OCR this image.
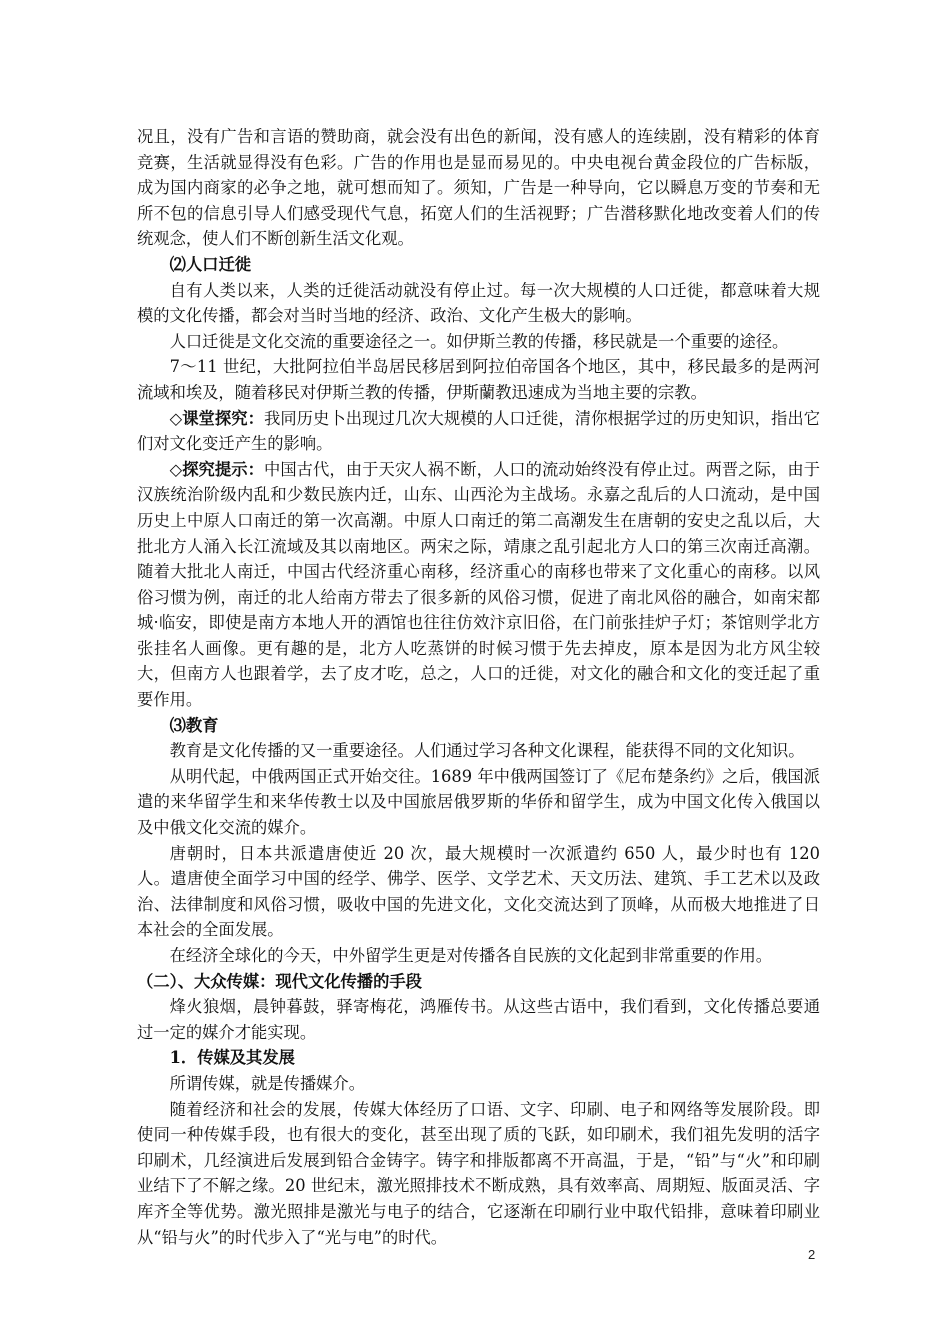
况且，没有广告和言语的赞助商，就会没有出色的新闻，没有感人的连续剧，没有精彩的体育竞赛，生活就显得没有色彩。广告的作用也是显而易见的。中央电视台黄金段位的广告标版，成为国内商家的必争之地，就可想而知了。须知，广告是一种导向，它以瞬息万变的节奏和无所不包的信息引导人们感受现代气息，拓宽人们的生活视野；广告潜移默化地改变着人们的传统观念，使人们不断创新生活文化观。

⑵人口迁徙

自有人类以来，人类的迁徙活动就没有停止过。每一次大规模的人口迁徙，都意味着大规模的文化传播，都会对当时当地的经济、政治、文化产生极大的影响。

人口迁徙是文化交流的重要途径之一。如伊斯兰教的传播，移民就是一个重要的途径。

7～11 世纪，大批阿拉伯半岛居民移居到阿拉伯帝国各个地区，其中，移民最多的是两河流域和埃及，随着移民对伊斯兰教的传播，伊斯蘭教迅速成为当地主要的宗教。

◇课堂探究：我同历史卜出现过几次大规模的人口迁徙，清你根据学过的历史知识，指出它们对文化变迁产生的影响。

◇探究提示：中国古代，由于天灾人祸不断，人口的流动始终没有停止过。两晋之际，由于汉族统治阶级内乱和少数民族内迁，山东、山西沦为主战场。永嘉之乱后的人口流动，是中国历史上中原人口南迁的第一次高潮。中原人口南迁的第二高潮发生在唐朝的安史之乱以后，大批北方人涌入长江流域及其以南地区。两宋之际，靖康之乱引起北方人口的第三次南迁高潮。随着大批北人南迁，中国古代经济重心南移，经济重心的南移也带来了文化重心的南移。以风俗习惯为例，南迁的北人给南方带去了很多新的风俗习惯，促进了南北风俗的融合，如南宋都城·临安，即使是南方本地人开的酒馆也往往仿效汴京旧俗，在门前张挂炉子灯；茶馆则学北方张挂名人画像。更有趣的是，北方人吃蒸饼的时候习惯于先去掉皮，原本是因为北方风尘较大，但南方人也跟着学，去了皮才吃，总之，人口的迁徙，对文化的融合和文化的变迁起了重要作用。

⑶教育

教育是文化传播的又一重要途径。人们通过学习各种文化课程，能获得不同的文化知识。

从明代起，中俄两国正式开始交往。1689 年中俄两国签订了《尼布楚条约》之后，俄国派遣的来华留学生和来华传教士以及中国旅居俄罗斯的华侨和留学生，成为中国文化传入俄国以及中俄文化交流的媒介。

唐朝时，日本共派遣唐使近 20 次，最大规模时一次派遣约 650 人，最少时也有 120 人。遣唐使全面学习中国的经学、佛学、医学、文学艺术、天文历法、建筑、手工艺术以及政治、法律制度和风俗习惯，吸收中国的先进文化，文化交流达到了顶峰，从而极大地推进了日本社会的全面发展。

在经济全球化的今天，中外留学生更是对传播各自民族的文化起到非常重要的作用。

（二）、大众传媒：现代文化传播的手段

烽火狼烟，晨钟暮鼓，驿寄梅花，鸿雁传书。从这些古语中，我们看到，文化传播总要通过一定的媒介才能实现。

1．传媒及其发展

所谓传媒，就是传播媒介。

随着经济和社会的发展，传媒大体经历了口语、文字、印刷、电子和网络等发展阶段。即使同一种传媒手段，也有很大的变化，甚至出现了质的飞跃，如印刷术，我们祖先发明的活字印刷术，几经演进后发展到铅合金铸字。铸字和排版都离不开高温，于是，“铅”与“火”和印刷业结下了不解之缘。20 世纪末，激光照排技术不断成熟，具有效率高、周期短、版面灵活、字库齐全等优势。激光照排是激光与电子的结合，它逐渐在印刷行业中取代铅排，意味着印刷业从“铅与火”的时代步入了“光与电”的时代。

2
